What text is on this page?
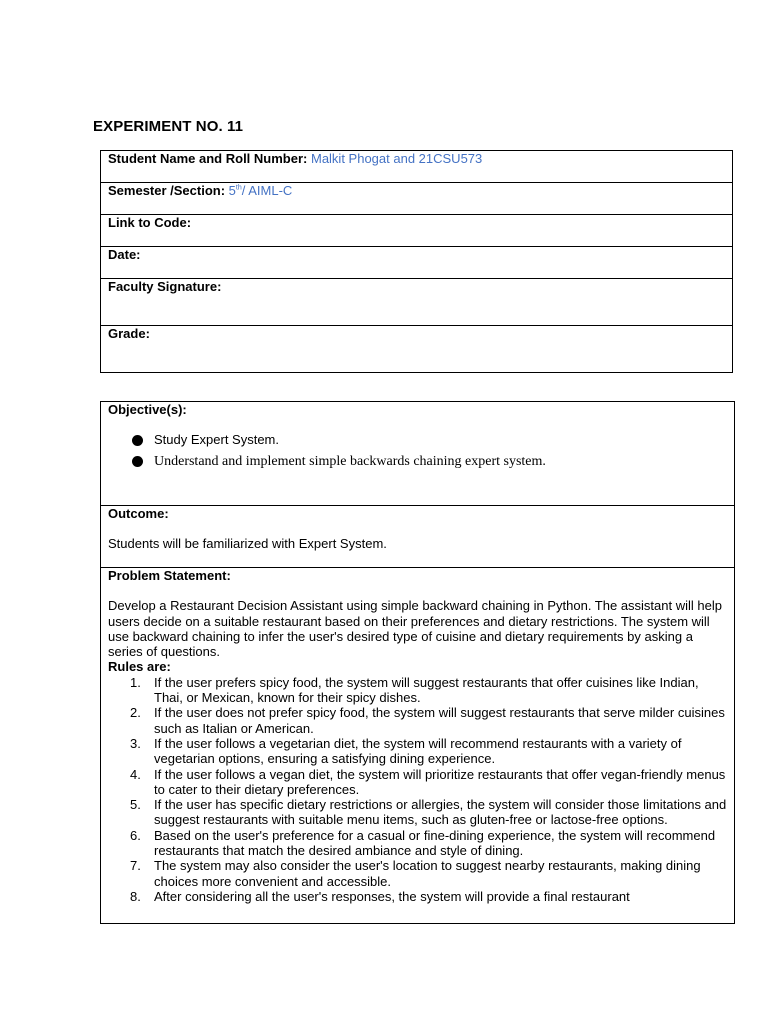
EXPERIMENT NO. 11
Student Name and Roll Number: Malkit Phogat and 21CSU573
Semester /Section: 5th/ AIML-C
Link to Code:
Date:
Faculty Signature:
Grade:
Objective(s):
Study Expert System.
Understand and implement simple backwards chaining expert system.

Outcome:

Students will be familiarized with Expert System.

Problem Statement:

Develop a Restaurant Decision Assistant using simple backward chaining in Python. The assistant will help users decide on a suitable restaurant based on their preferences and dietary restrictions. The system will use backward chaining to infer the user's desired type of cuisine and dietary requirements by asking a series of questions.

Rules are:
1.	If the user prefers spicy food, the system will suggest restaurants that offer cuisines like Indian, Thai, or Mexican, known for their spicy dishes.
2.	If the user does not prefer spicy food, the system will suggest restaurants that serve milder cuisines such as Italian or American.
3.	If the user follows a vegetarian diet, the system will recommend restaurants with a variety of vegetarian options, ensuring a satisfying dining experience.
4.	If the user follows a vegan diet, the system will prioritize restaurants that offer vegan-friendly menus to cater to their dietary preferences.
5.	If the user has specific dietary restrictions or allergies, the system will consider those limitations and suggest restaurants with suitable menu items, such as gluten-free or lactose-free options.
6.	Based on the user's preference for a casual or fine-dining experience, the system will recommend restaurants that match the desired ambiance and style of dining.
7.	The system may also consider the user's location to suggest nearby restaurants, making dining choices more convenient and accessible.
8.	After considering all the user's responses, the system will provide a final restaurant
